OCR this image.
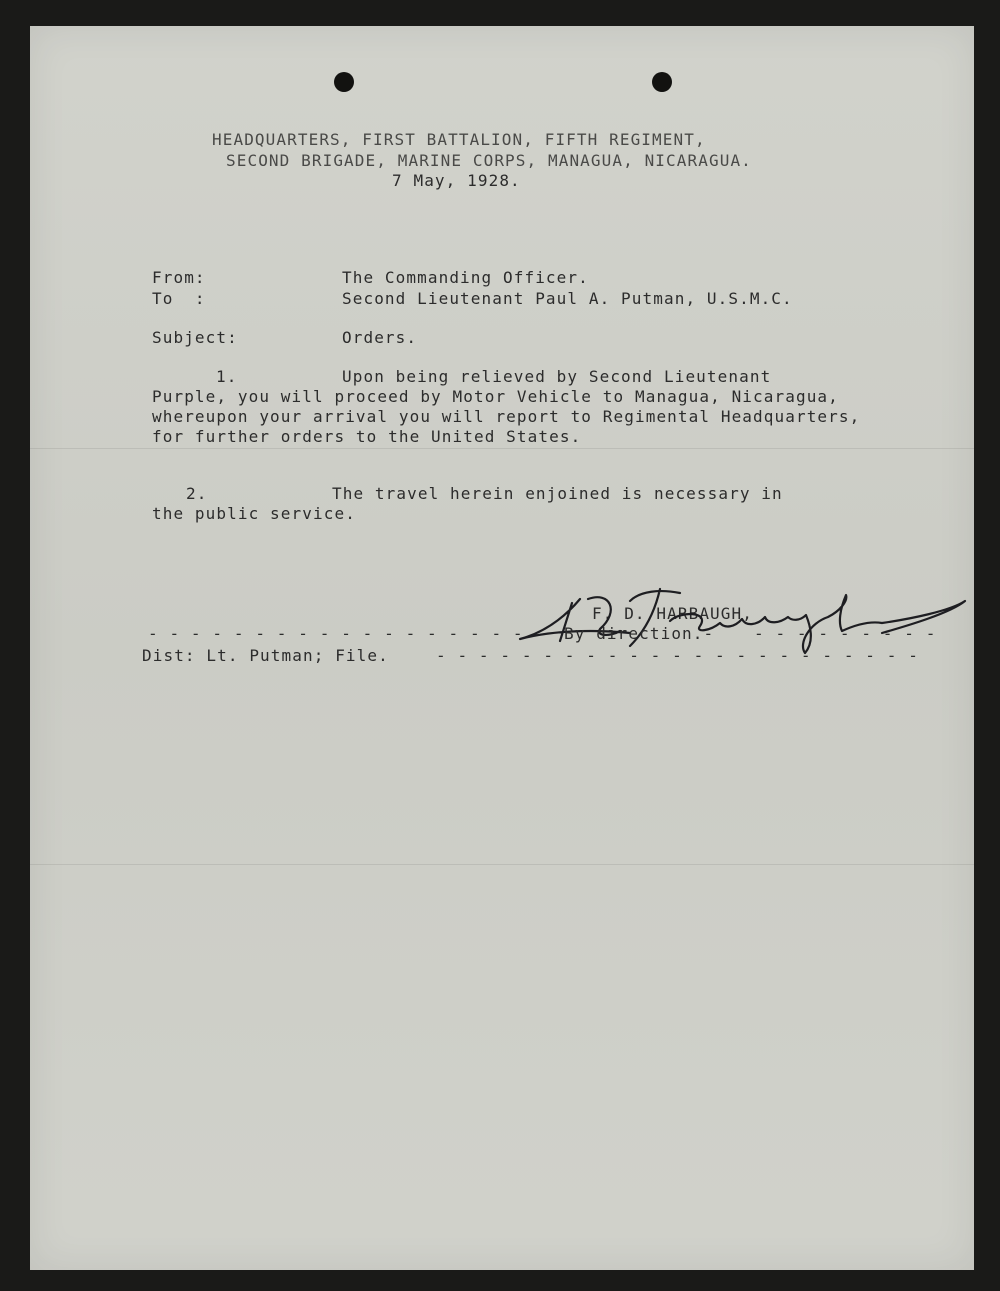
HEADQUARTERS, FIRST BATTALION, FIFTH REGIMENT,
SECOND BRIGADE, MARINE CORPS, MANAGUA, NICARAGUA.
7 May, 1928.
From:	The Commanding Officer.
To  :	Second Lieutenant Paul A. Putman, U.S.M.C.
Subject:	Orders.
1.	Upon being relieved by Second Lieutenant
Purple, you will proceed by Motor Vehicle to Managua, Nicaragua,
whereupon your arrival you will report to Regimental Headquarters,
for further orders to the United States.
2.	The travel herein enjoined is necessary in
the public service.
F. D. HARBAUGH,
- - - - - - - - - - - - - - - - - -	By direction.- - - - - - - - - -
Dist: Lt. Putman; File.	- - - - - - - - - - - - - - - - - - - - - - -
